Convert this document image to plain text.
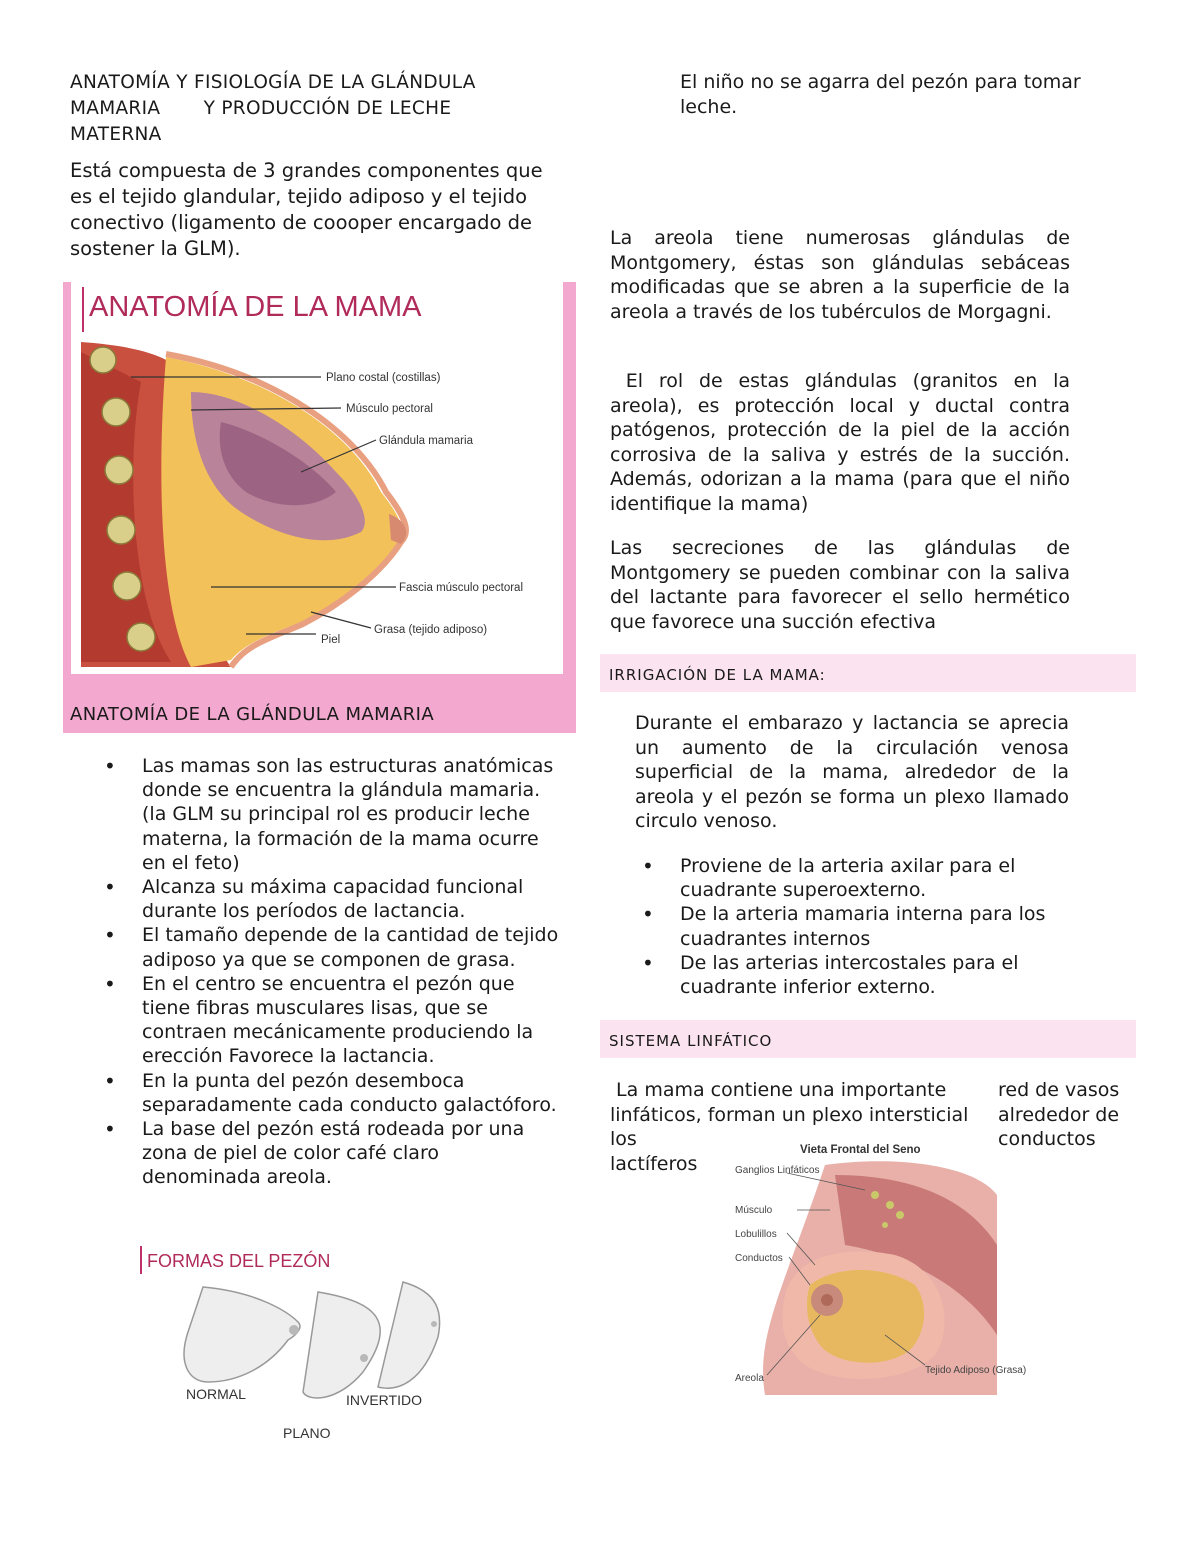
ANATOMÍA Y FISIOLOGÍA DE LA GLÁNDULA
MAMARIA       Y PRODUCCIÓN DE LECHE
MATERNA
Está compuesta de 3 grandes componentes que es el tejido glandular, tejido adiposo y el tejido conectivo (ligamento de coooper encargado de sostener la GLM).
ANATOMÍA DE LA MAMA
Plano costal (costillas)
Músculo pectoral
Glándula mamaria
Fascia músculo pectoral
Grasa (tejido adiposo)
Piel
ANATOMÍA DE LA GLÁNDULA MAMARIA
• Las mamas son las estructuras anatómicas donde se encuentra la glándula mamaria. (la GLM su principal rol es producir leche materna, la formación de la mama ocurre en el feto)
• Alcanza su máxima capacidad funcional durante los períodos de lactancia.
• El tamaño depende de la cantidad de tejido adiposo ya que se componen de grasa.
• En el centro se encuentra el pezón que tiene fibras musculares lisas, que se contraen mecánicamente produciendo la erección Favorece la lactancia.
• En la punta del pezón desemboca separadamente cada conducto galactóforo.
• La base del pezón está rodeada por una zona de piel de color café claro denominada areola.
FORMAS DEL PEZÓN
NORMAL
PLANO
INVERTIDO
El niño no se agarra del pezón para tomar leche.
La areola tiene numerosas glándulas de Montgomery, éstas son glándulas sebáceas modificadas que se abren a la superficie de la areola a través de los tubérculos de Morgagni.
El rol de estas glándulas (granitos en la areola), es protección local y ductal contra patógenos, protección de la piel de la acción corrosiva de la saliva y estrés de la succión. Además, odorizan a la mama (para que el niño identifique la mama)
Las secreciones de las glándulas de Montgomery se pueden combinar con la saliva del lactante para favorecer el sello hermético que favorece una succión efectiva
IRRIGACIÓN DE LA MAMA:
Durante el embarazo y lactancia se aprecia un aumento de la circulación venosa superficial de la mama, alrededor de la areola y el pezón se forma un plexo llamado circulo venoso.
• Proviene de la arteria axilar para el cuadrante superoexterno.
• De la arteria mamaria interna para los cuadrantes internos
• De las arterias intercostales para el cuadrante inferior externo.
SISTEMA LINFÁTICO
La mama contiene una importante linfáticos, forman un plexo intersticial los
lactíferos
red de vasos alrededor de conductos
Vieta Frontal del Seno
Ganglios Linfáticos
Músculo
Lobulillos
Conductos
Areola
Tejido Adiposo (Grasa)
